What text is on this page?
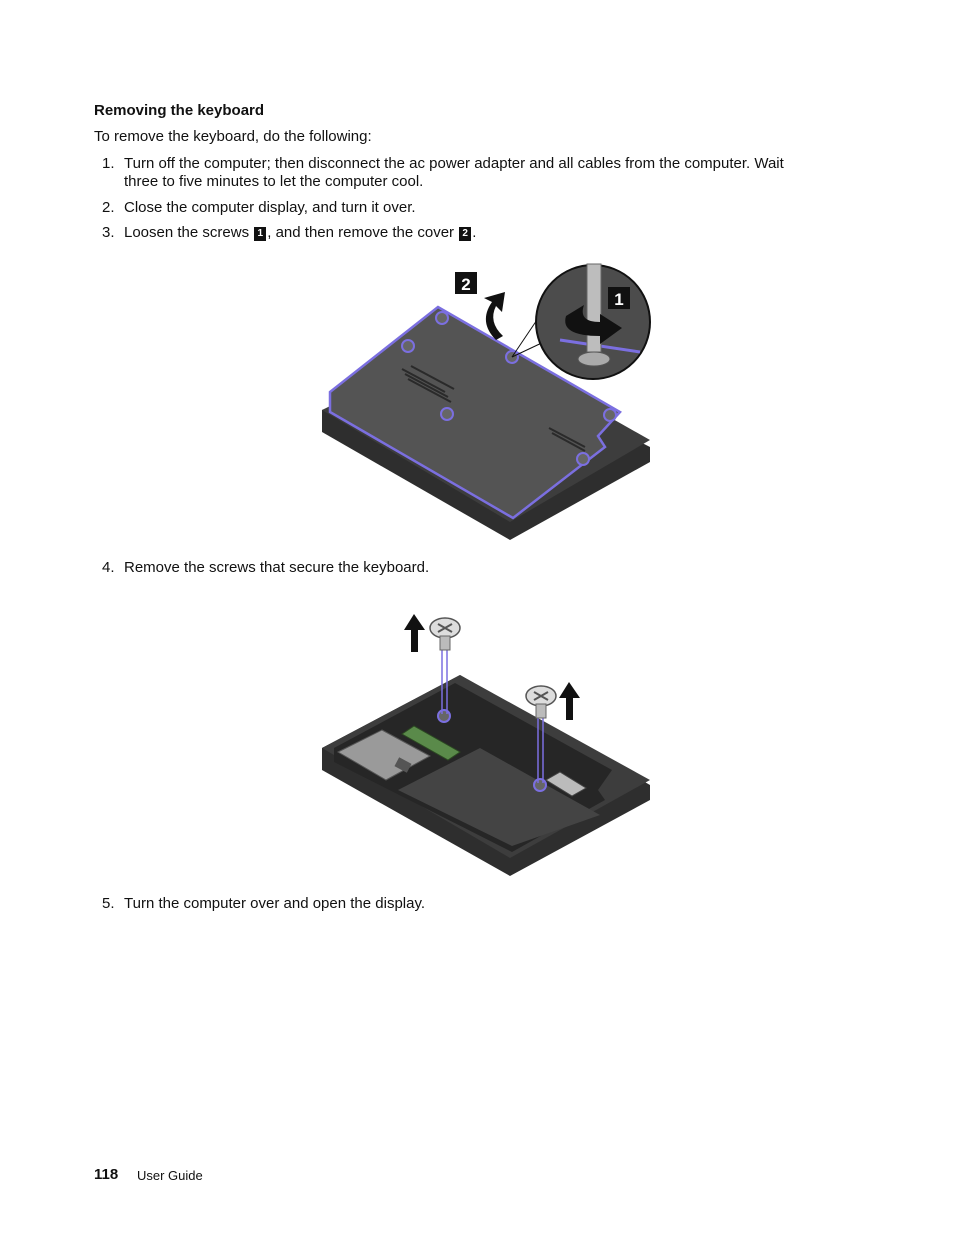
Removing the keyboard
To remove the keyboard, do the following:
1. Turn off the computer; then disconnect the ac power adapter and all cables from the computer. Wait
three to five minutes to let the computer cool.
2. Close the computer display, and turn it over.
3. Loosen the screws 1 , and then remove the cover 2 .
2
1
4. Remove the screws that secure the keyboard.
5. Turn the computer over and open the display.
118 User Guide
